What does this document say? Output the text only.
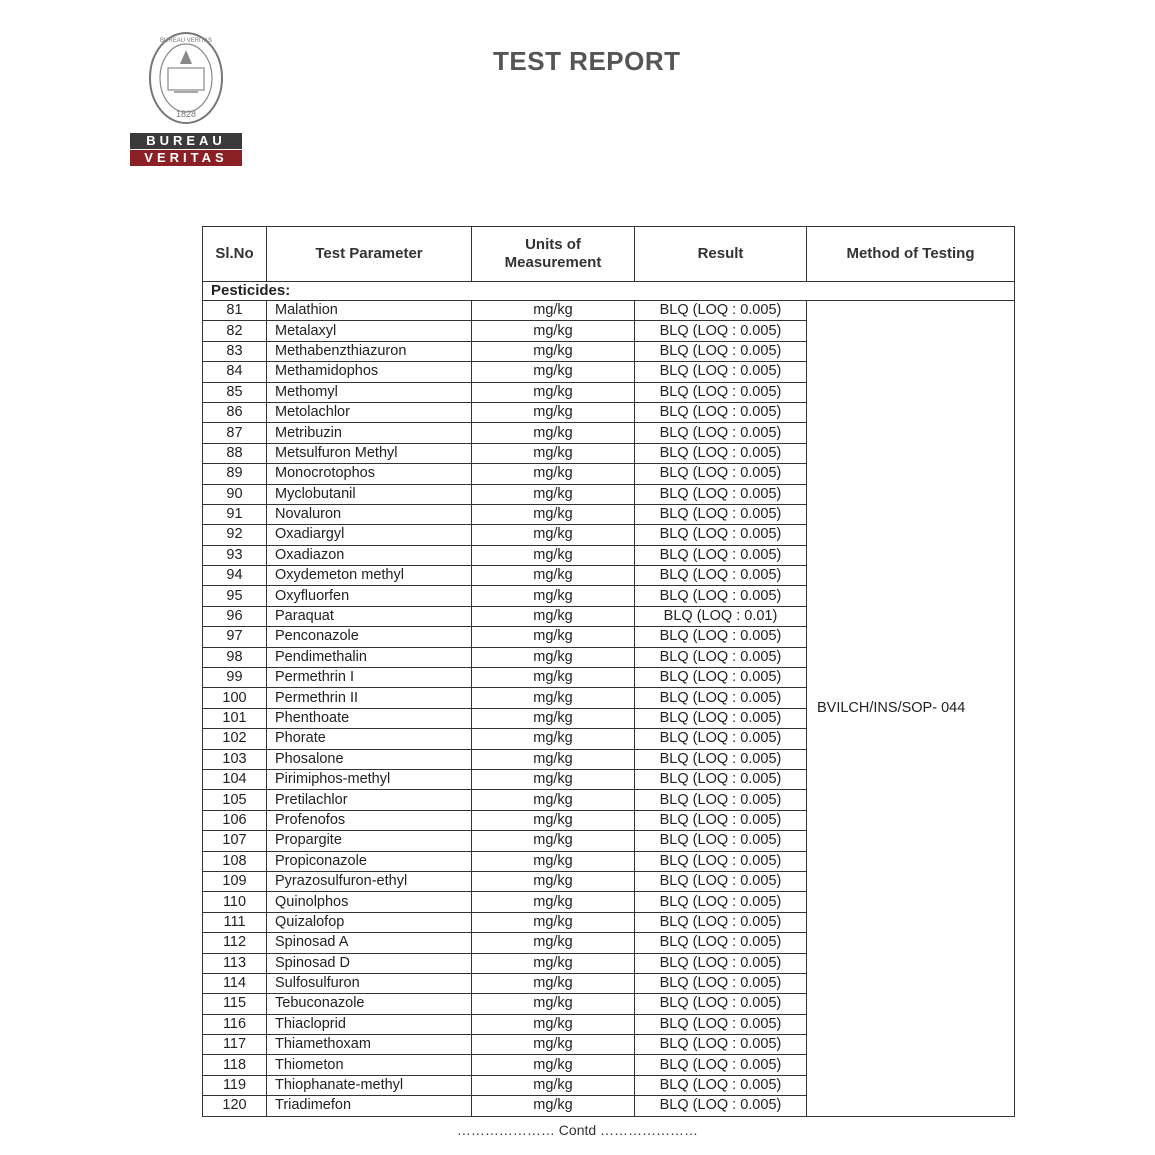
1828
BUREAU VERITAS
BUREAU
VERITAS
TEST REPORT
Sl.No	Test Parameter	Units of Measurement	Result	Method of Testing
Pesticides:				
81	Malathion	mg/kg	BLQ (LOQ : 0.005)	BVILCH/INS/SOP- 044
82	Metalaxyl	mg/kg	BLQ (LOQ : 0.005)	
83	Methabenzthiazuron	mg/kg	BLQ (LOQ : 0.005)	
84	Methamidophos	mg/kg	BLQ (LOQ : 0.005)	
85	Methomyl	mg/kg	BLQ (LOQ : 0.005)	
86	Metolachlor	mg/kg	BLQ (LOQ : 0.005)	
87	Metribuzin	mg/kg	BLQ (LOQ : 0.005)	
88	Metsulfuron Methyl	mg/kg	BLQ (LOQ : 0.005)	
89	Monocrotophos	mg/kg	BLQ (LOQ : 0.005)	
90	Myclobutanil	mg/kg	BLQ (LOQ : 0.005)	
91	Novaluron	mg/kg	BLQ (LOQ : 0.005)	
92	Oxadiargyl	mg/kg	BLQ (LOQ : 0.005)	
93	Oxadiazon	mg/kg	BLQ (LOQ : 0.005)	
94	Oxydemeton methyl	mg/kg	BLQ (LOQ : 0.005)	
95	Oxyfluorfen	mg/kg	BLQ (LOQ : 0.005)	
96	Paraquat	mg/kg	BLQ (LOQ : 0.01)	
97	Penconazole	mg/kg	BLQ (LOQ : 0.005)	
98	Pendimethalin	mg/kg	BLQ (LOQ : 0.005)	
99	Permethrin I	mg/kg	BLQ (LOQ : 0.005)	
100	Permethrin II	mg/kg	BLQ (LOQ : 0.005)	
101	Phenthoate	mg/kg	BLQ (LOQ : 0.005)	
102	Phorate	mg/kg	BLQ (LOQ : 0.005)	
103	Phosalone	mg/kg	BLQ (LOQ : 0.005)	
104	Pirimiphos-methyl	mg/kg	BLQ (LOQ : 0.005)	
105	Pretilachlor	mg/kg	BLQ (LOQ : 0.005)	
106	Profenofos	mg/kg	BLQ (LOQ : 0.005)	
107	Propargite	mg/kg	BLQ (LOQ : 0.005)	
108	Propiconazole	mg/kg	BLQ (LOQ : 0.005)	
109	Pyrazosulfuron-ethyl	mg/kg	BLQ (LOQ : 0.005)	
110	Quinolphos	mg/kg	BLQ (LOQ : 0.005)	
111	Quizalofop	mg/kg	BLQ (LOQ : 0.005)	
112	Spinosad A	mg/kg	BLQ (LOQ : 0.005)	
113	Spinosad D	mg/kg	BLQ (LOQ : 0.005)	
114	Sulfosulfuron	mg/kg	BLQ (LOQ : 0.005)	
115	Tebuconazole	mg/kg	BLQ (LOQ : 0.005)	
116	Thiacloprid	mg/kg	BLQ (LOQ : 0.005)	
117	Thiamethoxam	mg/kg	BLQ (LOQ : 0.005)	
118	Thiometon	mg/kg	BLQ (LOQ : 0.005)	
119	Thiophanate-methyl	mg/kg	BLQ (LOQ : 0.005)	
120	Triadimefon	mg/kg	BLQ (LOQ : 0.005)	
………………… Contd …………………
